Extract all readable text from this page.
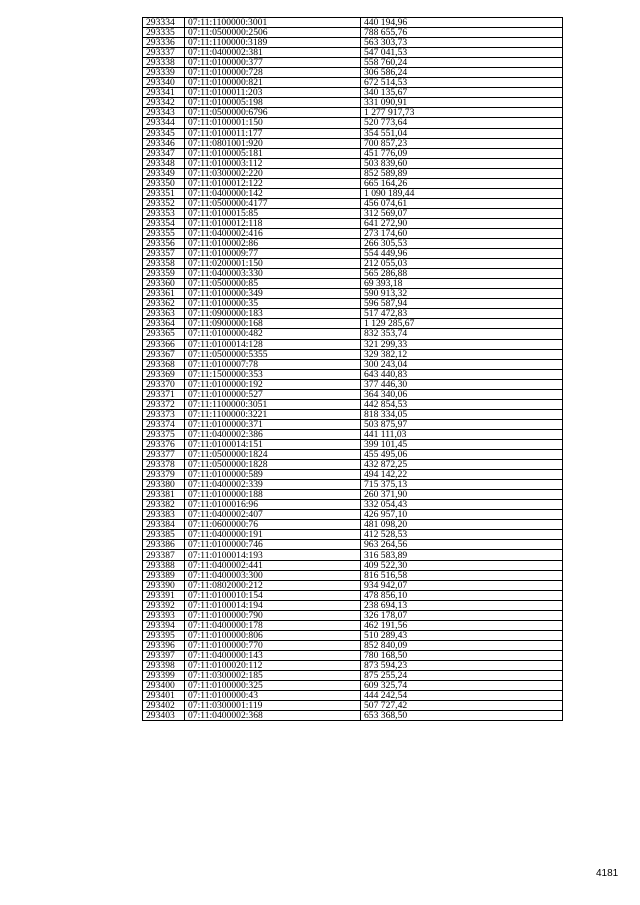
293334	07:11:1100000:3001	440 194,96
293335	07:11:0500000:2506	788 655,76
293336	07:11:1100000:3189	563 303,73
293337	07:11:0400002:381	547 041,53
293338	07:11:0100000:377	558 760,24
293339	07:11:0100000:728	306 586,24
293340	07:11:0100000:821	672 514,53
293341	07:11:0100011:203	340 135,67
293342	07:11:0100005:198	331 090,91
293343	07:11:0500000:6796	1 277 917,73
293344	07:11:0100001:150	520 773,64
293345	07:11:0100011:177	354 551,04
293346	07:11:0801001:920	700 857,23
293347	07:11:0100005:181	451 776,09
293348	07:11:0100003:112	503 839,60
293349	07:11:0300002:220	852 589,89
293350	07:11:0100012:122	665 164,26
293351	07:11:0400000:142	1 090 189,44
293352	07:11:0500000:4177	456 074,61
293353	07:11:0100015:85	312 569,07
293354	07:11:0100012:118	641 272,90
293355	07:11:0400002:416	273 174,60
293356	07:11:0100002:86	266 305,53
293357	07:11:0100009:77	554 449,96
293358	07:11:0200001:150	212 055,03
293359	07:11:0400003:330	565 286,88
293360	07:11:0500000:85	69 393,18
293361	07:11:0100000:349	590 913,32
293362	07:11:0100000:35	596 587,94
293363	07:11:0900000:183	517 472,83
293364	07:11:0900000:168	1 129 285,67
293365	07:11:0100000:482	832 353,74
293366	07:11:0100014:128	321 299,33
293367	07:11:0500000:5355	329 382,12
293368	07:11:0100007:78	300 243,04
293369	07:11:1500000:353	643 440,83
293370	07:11:0100000:192	377 446,30
293371	07:11:0100000:527	364 340,06
293372	07:11:1100000:3051	442 854,53
293373	07:11:1100000:3221	818 334,05
293374	07:11:0100000:371	503 875,97
293375	07:11:0400002:386	441 111,03
293376	07:11:0100014:151	399 101,45
293377	07:11:0500000:1824	455 495,06
293378	07:11:0500000:1828	432 872,25
293379	07:11:0100000:589	494 142,22
293380	07:11:0400002:339	715 375,13
293381	07:11:0100000:188	260 371,90
293382	07:11:0100016:96	332 054,43
293383	07:11:0400002:407	426 957,10
293384	07:11:0600000:76	481 098,20
293385	07:11:0400000:191	412 528,53
293386	07:11:0100000:746	963 264,56
293387	07:11:0100014:193	316 583,89
293388	07:11:0400002:441	409 522,30
293389	07:11:0400003:300	816 516,58
293390	07:11:0802000:212	934 942,07
293391	07:11:0100010:154	478 856,10
293392	07:11:0100014:194	238 694,13
293393	07:11:0100000:790	326 178,07
293394	07:11:0400000:178	462 191,56
293395	07:11:0100000:806	510 289,43
293396	07:11:0100000:770	852 840,09
293397	07:11:0400000:143	780 168,50
293398	07:11:0100020:112	873 594,23
293399	07:11:0300002:185	875 255,24
293400	07:11:0100000:325	609 325,74
293401	07:11:0100000:43	444 242,54
293402	07:11:0300001:119	507 727,42
293403	07:11:0400002:368	653 368,50
4181
